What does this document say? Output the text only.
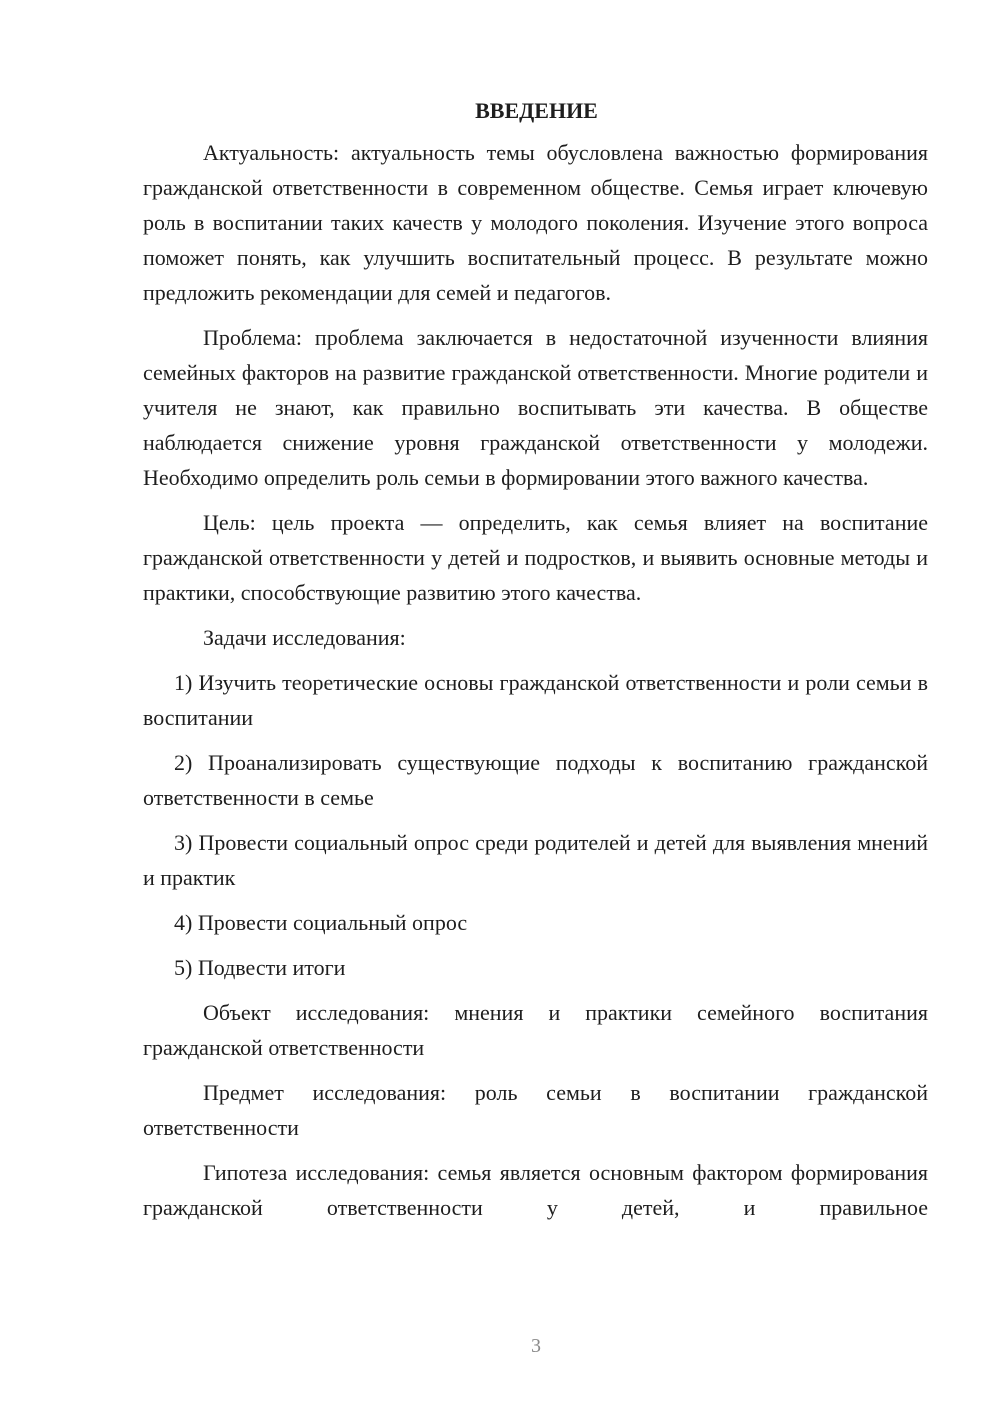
ВВЕДЕНИЕ

Актуальность: актуальность темы обусловлена важностью формирования гражданской ответственности в современном обществе. Семья играет ключевую роль в воспитании таких качеств у молодого поколения. Изучение этого вопроса поможет понять, как улучшить воспитательный процесс. В результате можно предложить рекомендации для семей и педагогов.

Проблема: проблема заключается в недостаточной изученности влияния семейных факторов на развитие гражданской ответственности. Многие родители и учителя не знают, как правильно воспитывать эти качества. В обществе наблюдается снижение уровня гражданской ответственности у молодежи. Необходимо определить роль семьи в формировании этого важного качества.

Цель: цель проекта — определить, как семья влияет на воспитание гражданской ответственности у детей и подростков, и выявить основные методы и практики, способствующие развитию этого качества.

Задачи исследования:

1) Изучить теоретические основы гражданской ответственности и роли семьи в воспитании

2) Проанализировать существующие подходы к воспитанию гражданской ответственности в семье

3) Провести социальный опрос среди родителей и детей для выявления мнений и практик

4) Провести социальный опрос

5) Подвести итоги

Объект исследования: мнения и практики семейного воспитания гражданской ответственности

Предмет исследования: роль семьи в воспитании гражданской ответственности

Гипотеза исследования: семья является основным фактором формирования гражданской ответственности у детей, и правильное

3
